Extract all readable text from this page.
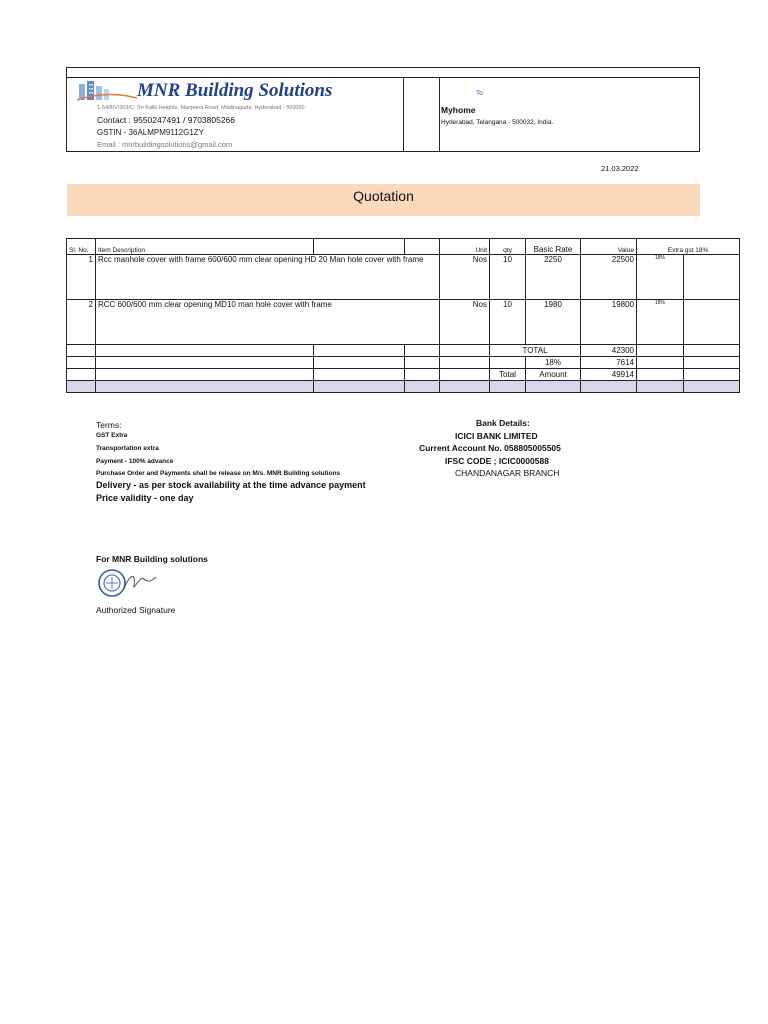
MNR Building Solutions
1-54/8/V/303/C, Sri Kalki Heights, Manjeera Road, Madinaguda, Hyderabad - 500050
Contact : 9550247491 / 9703805266
GSTIN - 36ALMPM9112G1ZY
Email : mnrbuildingsolutions@gmail.com
To
Myhome
Hyderabad, Telangana - 500032, India.
21.03.2022
Quotation
Sl. No.	Item Description			Unit	qty	Basic Rate	Value	Extra gst 18%	
1	Rcc manhole cover with frame 600/600 mm clear opening HD 20 Man hole cover with frame			Nos	10	2250	22500	18%	
2	RCC 600/600 mm clear opening MD10 man hole cover with frame			Nos	10	1980	19800	18%	
					TOTAL		42300		
						18%	7614		
					Total	Amount	49914		

Terms:
GST Extra
Transportation extra
Payment - 100% advance
Purchase Order and Payments shall be release on M/s. MNR Building solutions
Delivery - as per stock availability at the time advance payment
Price validity - one day
Bank Details:
ICICI BANK LIMITED
Current Account No. 058805005505
IFSC CODE ; ICIC0000588
CHANDANAGAR BRANCH
For MNR Building solutions
Authorized Signature
